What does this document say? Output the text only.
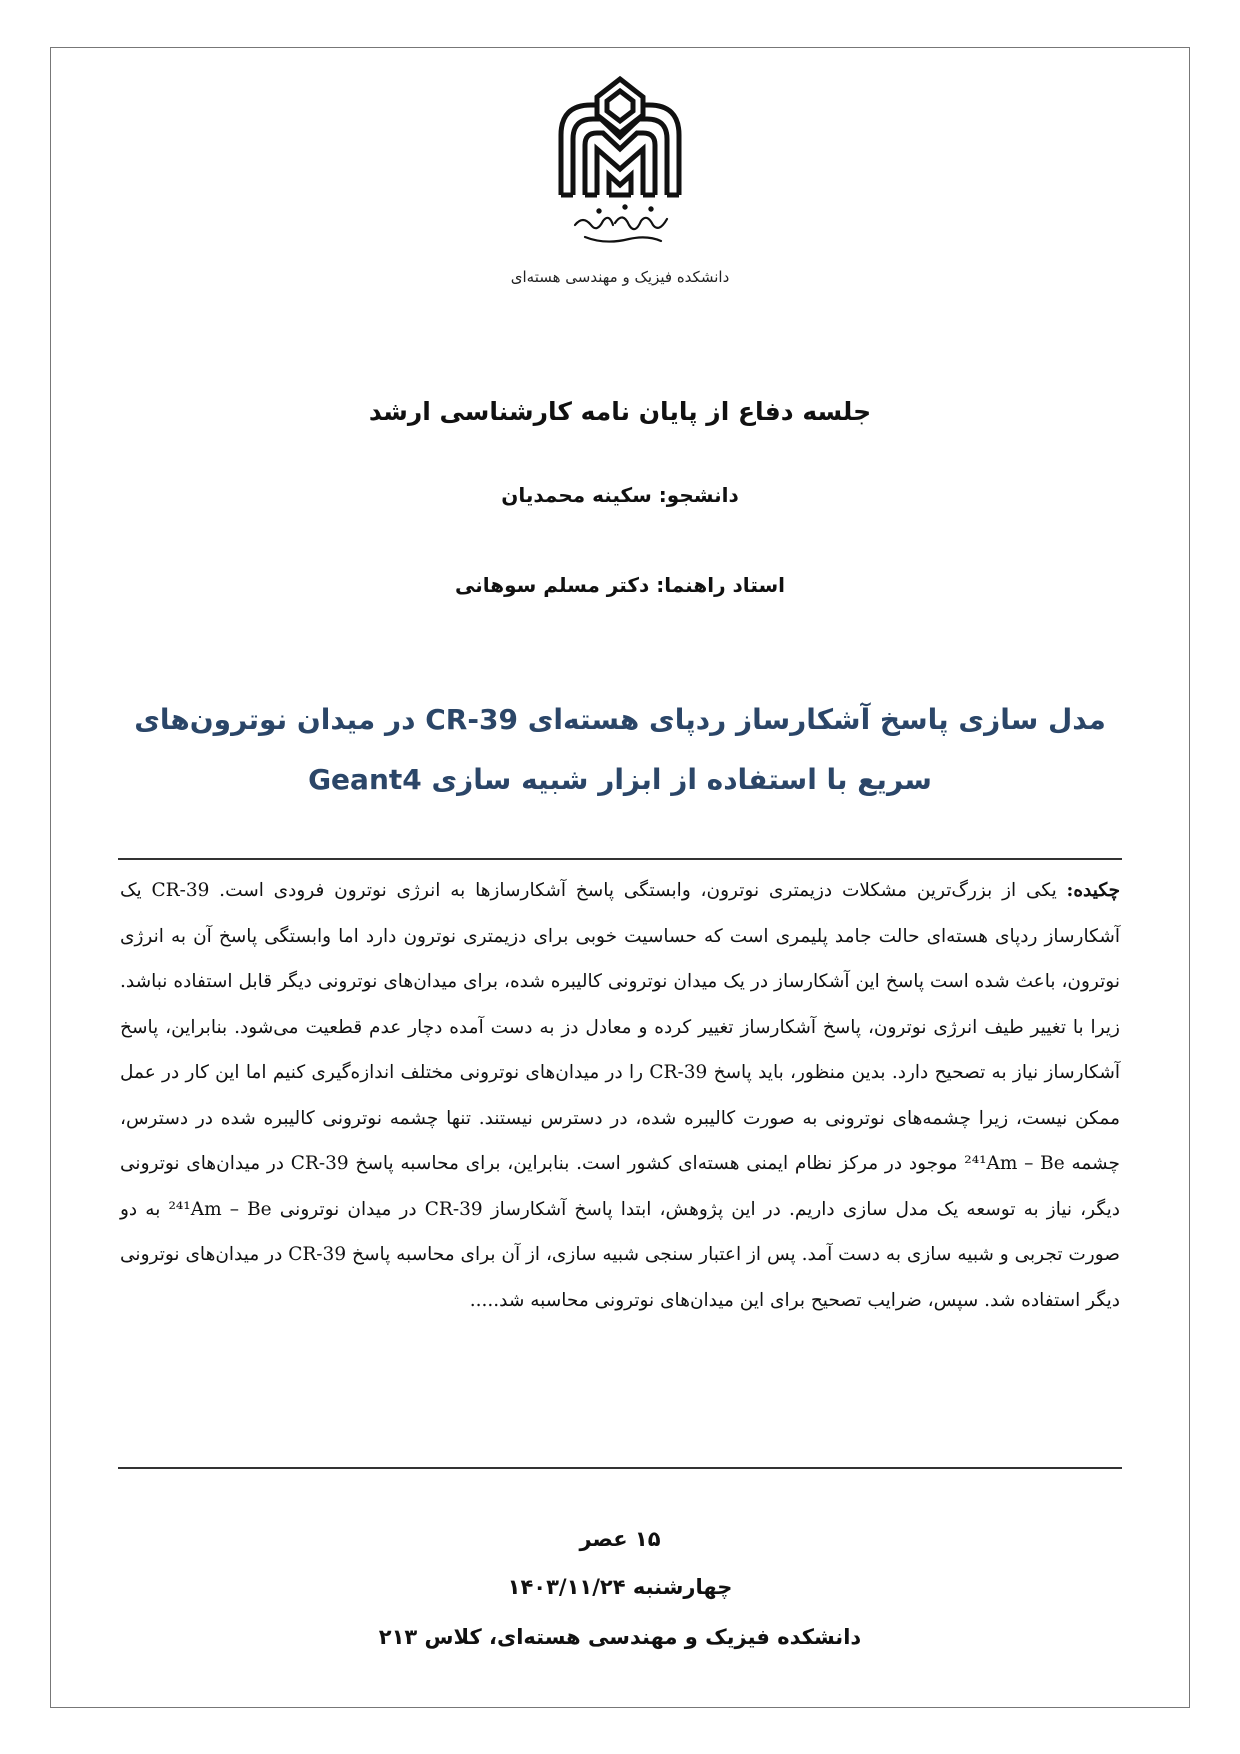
دانشکده فیزیک و مهندسی هسته‌ای
جلسه دفاع از پایان نامه کارشناسی ارشد
دانشجو: سکینه محمدیان
استاد راهنما: دکتر مسلم سوهانی
مدل سازی پاسخ آشکارساز ردپای هسته‌ای CR-39 در میدان نوترون‌های سریع با استفاده از ابزار شبیه سازی Geant4
چکیده: یکی از بزرگ‌ترین مشکلات دزیمتری نوترون، وابستگی پاسخ آشکارسازها به انرژی نوترون فرودی است. CR-39 یک آشکارساز ردپای هسته‌ای حالت جامد پلیمری است که حساسیت خوبی برای دزیمتری نوترون دارد اما وابستگی پاسخ آن به انرژی نوترون، باعث شده است پاسخ این آشکارساز در یک میدان نوترونی کالیبره شده، برای میدان‌های نوترونی دیگر قابل استفاده نباشد. زیرا با تغییر طیف انرژی نوترون، پاسخ آشکارساز تغییر کرده و معادل دز به دست آمده دچار عدم قطعیت می‌شود. بنابراین، پاسخ آشکارساز نیاز به تصحیح دارد. بدین منظور، باید پاسخ CR-39 را در میدان‌های نوترونی مختلف اندازه‌گیری کنیم اما این کار در عمل ممکن نیست، زیرا چشمه‌های نوترونی به صورت کالیبره شده، در دسترس نیستند. تنها چشمه نوترونی کالیبره شده در دسترس، چشمه ²⁴¹Am – Be موجود در مرکز نظام ایمنی هسته‌ای کشور است. بنابراین، برای محاسبه پاسخ CR-39 در میدان‌های نوترونی دیگر، نیاز به توسعه یک مدل سازی داریم. در این پژوهش، ابتدا پاسخ آشکارساز CR-39 در میدان نوترونی ²⁴¹Am – Be به دو صورت تجربی و شبیه سازی به دست آمد. پس از اعتبار سنجی شبیه سازی، از آن برای محاسبه پاسخ CR-39 در میدان‌های نوترونی دیگر استفاده شد. سپس، ضرایب تصحیح برای این میدان‌های نوترونی محاسبه شد.....
۱۵ عصر
چهارشنبه ۱۴۰۳/۱۱/۲۴
دانشکده فیزیک و مهندسی هسته‌ای، کلاس ۲۱۳
